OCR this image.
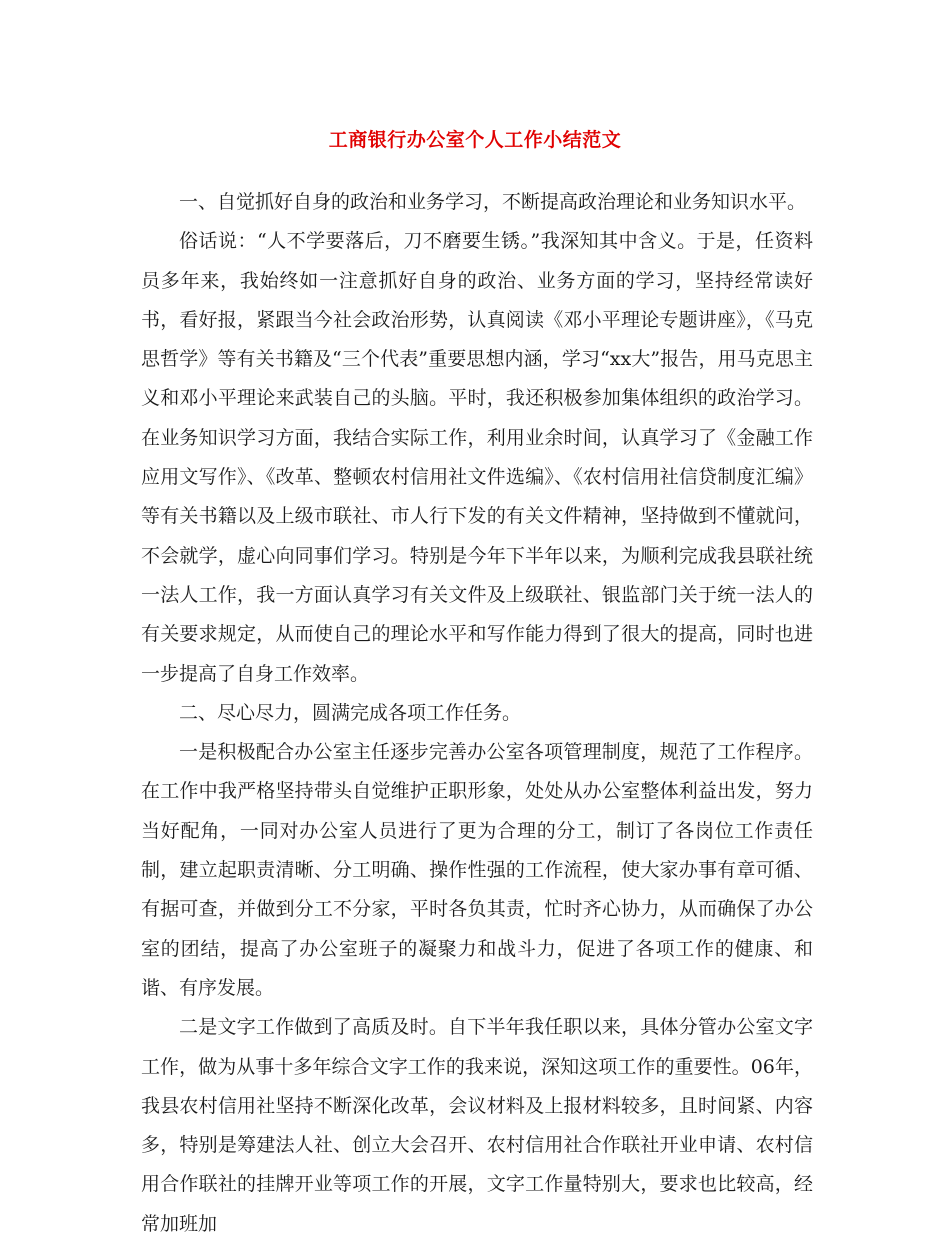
工商银行办公室个人工作小结范文

一、自觉抓好自身的政治和业务学习，不断提高政治理论和业务知识水平。

俗话说：“人不学要落后，刀不磨要生锈。”我深知其中含义。于是，任资料员多年来，我始终如一注意抓好自身的政治、业务方面的学习，坚持经常读好书，看好报，紧跟当今社会政治形势，认真阅读《邓小平理论专题讲座》，《马克思哲学》等有关书籍及“三个代表”重要思想内涵，学习“xx大”报告，用马克思主义和邓小平理论来武装自己的头脑。平时，我还积极参加集体组织的政治学习。在业务知识学习方面，我结合实际工作，利用业余时间，认真学习了《金融工作应用文写作》、《改革、整顿农村信用社文件选编》、《农村信用社信贷制度汇编》等有关书籍以及上级市联社、市人行下发的有关文件精神，坚持做到不懂就问，不会就学，虚心向同事们学习。特别是今年下半年以来，为顺利完成我县联社统一法人工作，我一方面认真学习有关文件及上级联社、银监部门关于统一法人的有关要求规定，从而使自己的理论水平和写作能力得到了很大的提高，同时也进一步提高了自身工作效率。

二、尽心尽力，圆满完成各项工作任务。

一是积极配合办公室主任逐步完善办公室各项管理制度，规范了工作程序。在工作中我严格坚持带头自觉维护正职形象，处处从办公室整体利益出发，努力当好配角，一同对办公室人员进行了更为合理的分工，制订了各岗位工作责任制，建立起职责清晰、分工明确、操作性强的工作流程，使大家办事有章可循、有据可查，并做到分工不分家，平时各负其责，忙时齐心协力，从而确保了办公室的团结，提高了办公室班子的凝聚力和战斗力，促进了各项工作的健康、和谐、有序发展。

二是文字工作做到了高质及时。自下半年我任职以来，具体分管办公室文字工作，做为从事十多年综合文字工作的我来说，深知这项工作的重要性。06年，我县农村信用社坚持不断深化改革，会议材料及上报材料较多，且时间紧、内容多，特别是筹建法人社、创立大会召开、农村信用社合作联社开业申请、农村信用合作联社的挂牌开业等项工作的开展，文字工作量特别大，要求也比较高，经常加班加
